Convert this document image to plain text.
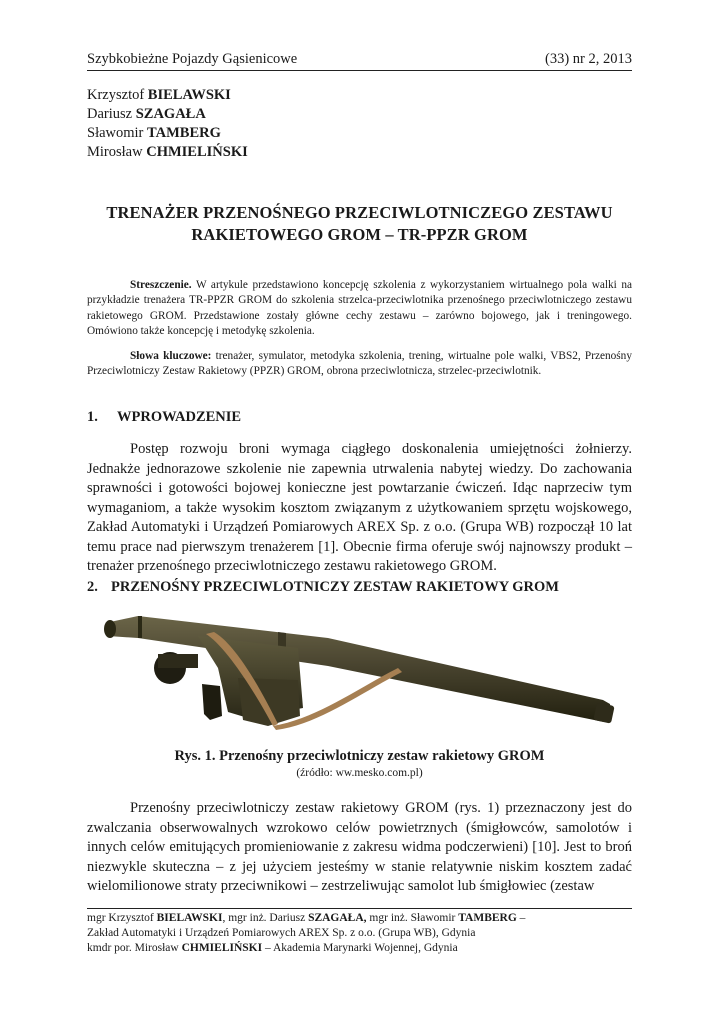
Szybkobieżne Pojazdy Gąsienicowe	(33) nr 2, 2013
Krzysztof BIELAWSKI
Dariusz SZAGAŁA
Sławomir TAMBERG
Mirosław CHMIELIŃSKI
TRENAŻER PRZENOŚNEGO PRZECIWLOTNICZEGO ZESTAWU
RAKIETOWEGO GROM – TR-PPZR GROM
Streszczenie. W artykule przedstawiono koncepcję szkolenia z wykorzystaniem wirtualnego pola walki na przykładzie trenażera TR-PPZR GROM do szkolenia strzelca-przeciwlotnika przenośnego przeciwlotniczego zestawu rakietowego GROM. Przedstawione zostały główne cechy zestawu – zarówno bojowego, jak i treningowego. Omówiono także koncepcję i metodykę szkolenia.
Słowa kluczowe: trenażer, symulator, metodyka szkolenia, trening, wirtualne pole walki, VBS2, Przenośny Przeciwlotniczy Zestaw Rakietowy (PPZR) GROM, obrona przeciwlotnicza, strzelec-przeciwlotnik.
1. WPROWADZENIE
Postęp rozwoju broni wymaga ciągłego doskonalenia umiejętności żołnierzy. Jednakże jednorazowe szkolenie nie zapewnia utrwalenia nabytej wiedzy. Do zachowania sprawności i gotowości bojowej konieczne jest powtarzanie ćwiczeń. Idąc naprzeciw tym wymaganiom, a także wysokim kosztom związanym z użytkowaniem sprzętu wojskowego, Zakład Automatyki i Urządzeń Pomiarowych AREX Sp. z o.o. (Grupa WB) rozpoczął 10 lat temu prace nad pierwszym trenażerem [1]. Obecnie firma oferuje swój najnowszy produkt – trenażer przenośnego przeciwlotniczego zestawu rakietowego GROM.
2. PRZENOŚNY PRZECIWLOTNICZY ZESTAW RAKIETOWY GROM
Rys. 1. Przenośny przeciwlotniczy zestaw rakietowy GROM
(źródło: ww.mesko.com.pl)
Przenośny przeciwlotniczy zestaw rakietowy GROM (rys. 1) przeznaczony jest do zwalczania obserwowalnych wzrokowo celów powietrznych (śmigłowców, samolotów i innych celów emitujących promieniowanie z zakresu widma podczerwieni) [10]. Jest to broń niezwykle skuteczna – z jej użyciem jesteśmy w stanie relatywnie niskim kosztem zadać wielomilionowe straty przeciwnikowi – zestrzeliwując samolot lub śmigłowiec (zestaw
mgr Krzysztof BIELAWSKI, mgr inż. Dariusz SZAGAŁA, mgr inż. Sławomir TAMBERG –
Zakład Automatyki i Urządzeń Pomiarowych AREX Sp. z o.o. (Grupa WB), Gdynia
kmdr por. Mirosław CHMIELIŃSKI – Akademia Marynarki Wojennej, Gdynia
